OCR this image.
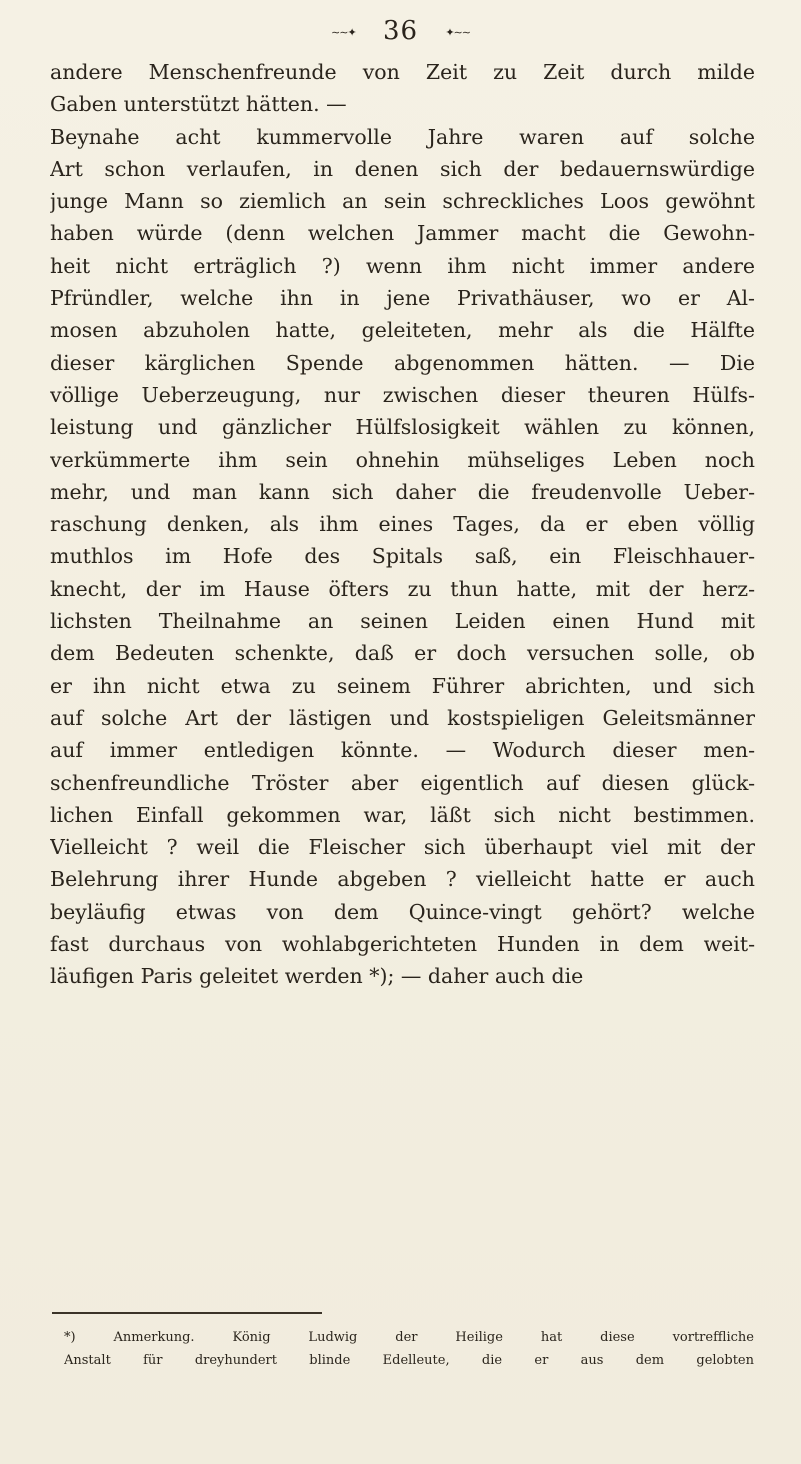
∼∼✦ 36 ✦∼∼
andere Menschenfreunde von Zeit zu Zeit durch milde
Gaben unterstützt hätten. —
Beynahe acht kummervolle Jahre waren auf solche
Art schon verlaufen, in denen sich der bedauernswürdige
junge Mann so ziemlich an sein schreckliches Loos gewöhnt
haben würde (denn welchen Jammer macht die Gewohn-
heit nicht erträglich ?) wenn ihm nicht immer andere
Pfründler, welche ihn in jene Privathäuser, wo er Al-
mosen abzuholen hatte, geleiteten, mehr als die Hälfte
dieser kärglichen Spende abgenommen hätten. — Die
völlige Ueberzeugung, nur zwischen dieser theuren Hülfs-
leistung und gänzlicher Hülfslosigkeit wählen zu können,
verkümmerte ihm sein ohnehin mühseliges Leben noch
mehr, und man kann sich daher die freudenvolle Ueber-
raschung denken, als ihm eines Tages, da er eben völlig
muthlos im Hofe des Spitals saß, ein Fleischhauer-
knecht, der im Hause öfters zu thun hatte, mit der herz-
lichsten Theilnahme an seinen Leiden einen Hund mit
dem Bedeuten schenkte, daß er doch versuchen solle, ob
er ihn nicht etwa zu seinem Führer abrichten, und sich
auf solche Art der lästigen und kostspieligen Geleitsmänner
auf immer entledigen könnte. — Wodurch dieser men-
schenfreundliche Tröster aber eigentlich auf diesen glück-
lichen Einfall gekommen war, läßt sich nicht bestimmen.
Vielleicht ? weil die Fleischer sich überhaupt viel mit der
Belehrung ihrer Hunde abgeben ? vielleicht hatte er auch
beyläufig etwas von dem Quince-vingt gehört? welche
fast durchaus von wohlabgerichteten Hunden in dem weit-
läufigen Paris geleitet werden *); — daher auch die
*) Anmerkung. König Ludwig der Heilige hat diese vortreffliche
Anstalt für dreyhundert blinde Edelleute, die er aus dem gelobten
